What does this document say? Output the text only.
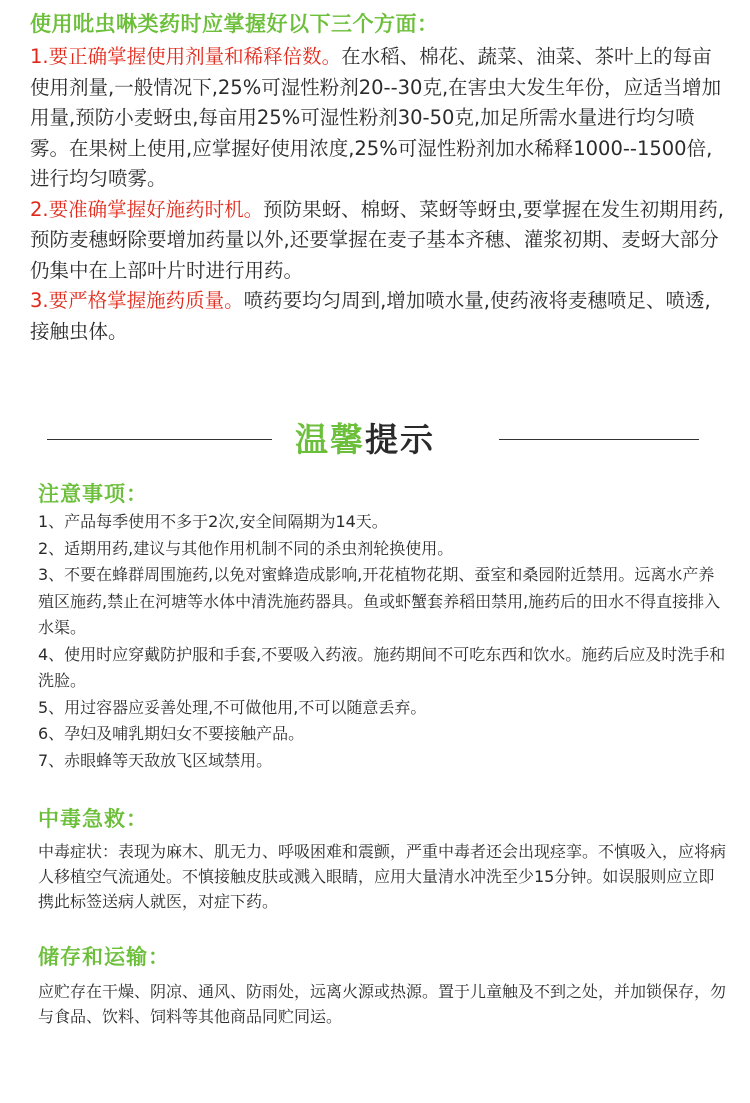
使用吡虫啉类药时应掌握好以下三个方面：

1.要正确掌握使用剂量和稀释倍数。在水稻、棉花、蔬菜、油菜、茶叶上的每亩使用剂量,一般情况下,25%可湿性粉剂20--30克,在害虫大发生年份，应适当增加用量,预防小麦蚜虫,每亩用25%可湿性粉剂30-50克,加足所需水量进行均匀喷雾。在果树上使用,应掌握好使用浓度,25%可湿性粉剂加水稀释1000--1500倍,进行均匀喷雾。

2.要准确掌握好施药时机。预防果蚜、棉蚜、菜蚜等蚜虫,要掌握在发生初期用药,预防麦穗蚜除要增加药量以外,还要掌握在麦子基本齐穗、灌浆初期、麦蚜大部分仍集中在上部叶片时进行用药。

3.要严格掌握施药质量。喷药要均匀周到,增加喷水量,使药液将麦穗喷足、喷透,接触虫体。

温馨提示
注意事项：

1、产品每季使用不多于2次,安全间隔期为14天。

2、适期用药,建议与其他作用机制不同的杀虫剂轮换使用。

3、不要在蜂群周围施药,以免对蜜蜂造成影响,开花植物花期、蚕室和桑园附近禁用。远离水产养殖区施药,禁止在河塘等水体中清洗施药器具。鱼或虾蟹套养稻田禁用,施药后的田水不得直接排入水渠。

4、使用时应穿戴防护服和手套,不要吸入药液。施药期间不可吃东西和饮水。施药后应及时洗手和洗脸。

5、用过容器应妥善处理,不可做他用,不可以随意丢弃。

6、孕妇及哺乳期妇女不要接触产品。

7、赤眼蜂等天敌放飞区域禁用。

中毒急救：

中毒症状：表现为麻木、肌无力、呼吸困难和震颤，严重中毒者还会出现痉挛。不慎吸入，应将病人移植空气流通处。不慎接触皮肤或溅入眼睛，应用大量清水冲洗至少15分钟。如误服则应立即携此标签送病人就医，对症下药。

储存和运输：

应贮存在干燥、阴凉、通风、防雨处，远离火源或热源。置于儿童触及不到之处，并加锁保存，勿与食品、饮料、饲料等其他商品同贮同运。
